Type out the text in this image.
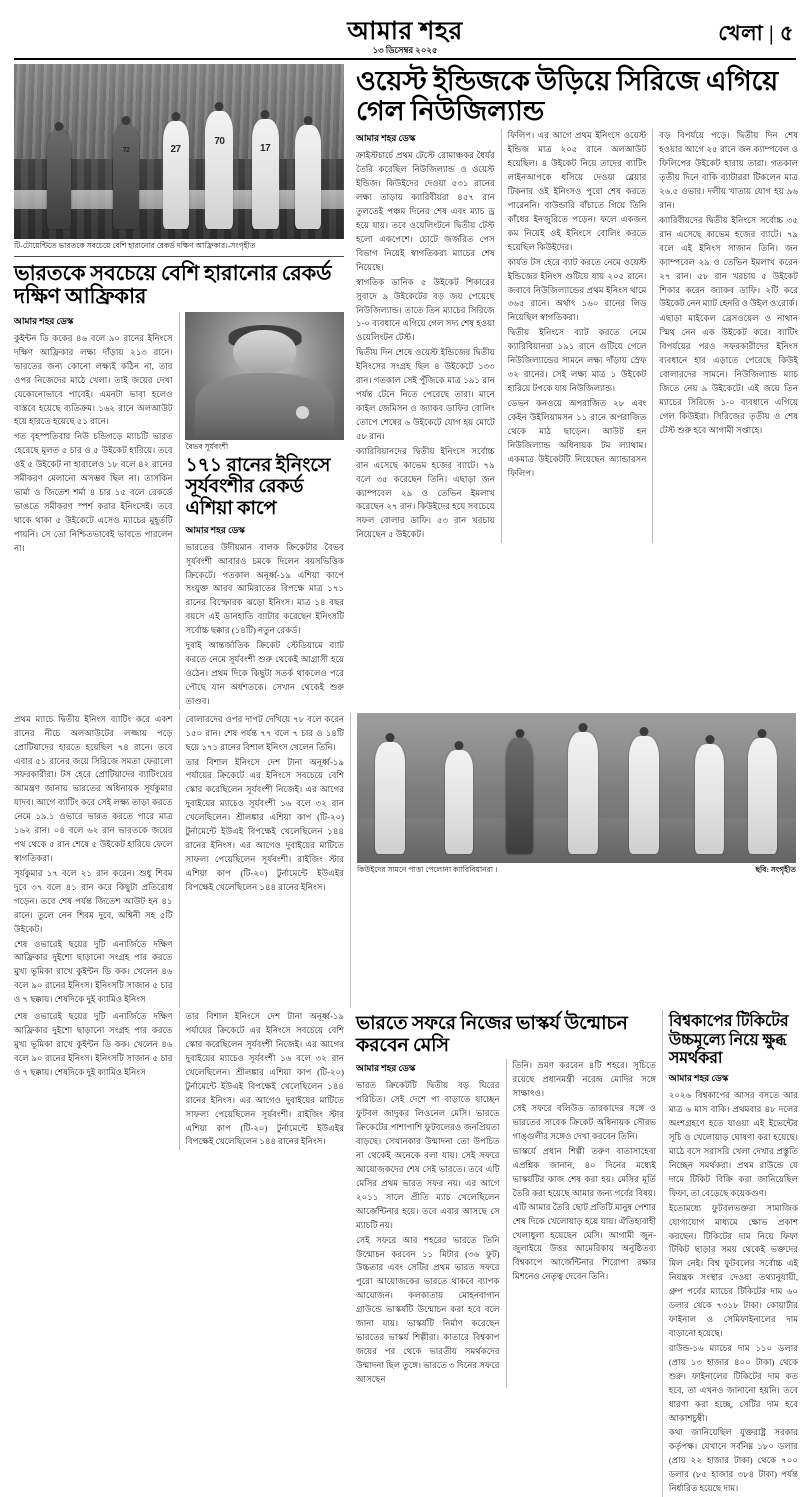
আমার শহর
১৩ ডিসেম্বর ২০২৫
খেলা | ৫
72	27
70
17
টি-টোয়েন্টিতে ভারতকে সবচেয়ে বেশি হারানোর রেকর্ড দক্ষিণ আফ্রিকার।-সংগৃহীত
ভারতকে সবচেয়ে বেশি হারানোর রেকর্ড দক্ষিণ আফ্রিকার
আমার শহর ডেস্ক

কুইন্টন ডি ককের ৪৬ বলে ৯০ রানের ইনিংসে দক্ষিণ আফ্রিকার লক্ষ্য দাঁড়ায় ২১৩ রানে। ভারতের জন্য কোনো লক্ষ্যই কঠিন না, তার ওপর নিজেদের মাঠে খেলা। তাই জয়ের দেখা যেকোনোভাবে পাবেই। এমনটা ভাবা হলেও বাস্তবে হয়েছে ব্যতিক্রম। ১৬২ রানে অলআউট হয়ে হারতে হয়েছে ৫১ রানে।

গত বৃহস্পতিবার নিউ চন্ডিগড়ে ম্যাচটি ভারত হেরেছে মূলত ৫ চার ও ৫ উইকেট হারিয়ে। তবে ওই ৫ উইকেট না হারালেও ১৮ বলে ৪২ রানের সমীকরণ মেলানো অসম্ভব ছিল না। তাসকিন ভার্মা ও জিতেশ শর্মা ৪ চার ১৫ বলে রেকর্ডে ভাঙতে সমীকরণ স্পর্শ করার ইনিংসেই। তবে থাকে থাকা ৫ উইকেটে এসেও ম্যাচের মুহূর্তটি পায়নি। সে তো নিশ্চিতভাবেই ভাবতে পারলেন না।

বৈভব সূর্যবংশী
১৭১ রানের ইনিংসে সূর্যবংশীর রেকর্ড এশিয়া কাপে
আমার শহর ডেস্ক

ভারতের উদীয়মান বালক ক্রিকেটার বৈভব সূর্যবংশী আবারও চমকে দিলেন বয়সভিত্তিক ক্রিকেটে। গতকাল অনূর্ধ্ব-১৯ এশিয়া কাপে সংযুক্ত আরব আমিরাতের বিপক্ষে মাত্র ১৭১ রানের বিস্ফোরক ঝড়ো ইনিংস। মাত্র ১৪ বছর বয়সে এই ডানহাতি ব্যাটার করেছেন ইনিংসটি সর্বোচ্চ ছক্কার (১৪টি) নতুন রেকর্ড।

দুবাই আন্তর্জাতিক ক্রিকেট স্টেডিয়ামে ব্যাট করতে নেমে সূর্যবংশী শুরু থেকেই আগ্রাসী হয়ে ওঠেন। প্রথম দিকে কিছুটা সতর্ক থাকলেও পরে পৌছে যান অর্ধশতকে। সেখান থেকেই শুরু তাণ্ডব।

ওয়েস্ট ইন্ডিজকে উড়িয়ে সিরিজে এগিয়ে গেল নিউজিল্যান্ড
আমার শহর ডেস্ক

ক্রাইস্টচার্চে প্রথম টেস্টে রোমাঞ্চকর ধৈর্যর তৈরি করেছিল নিউজিল্যান্ড ও ওয়েস্ট ইন্ডিজ। কিউইদের দেওয়া ৫৩১ রানের লক্ষ্য তাড়ায় ক্যারিবীয়রা ৪৫৭ রান তুলতেই পঞ্চম দিনের শেষ এবং ম্যাচ ড্র হয়ে যায়। তবে ওয়েলিংটনে দ্বিতীয় টেস্ট হলো একপেশে। চোটে জর্জরিত পেস বিভাগ নিয়েই স্বাগতিকরা ম্যাচের শেষ নিয়েছে।

স্বাগতিক ডানিক ৫ উইকেট শিকারের সুবাদে ৯ উইকেটের বড় জয় পেয়েছে নিউজিল্যান্ড। তাতে তিন ম্যাচের সিরিজে ১-০ ব্যবধানে এগিয়ে গেল সদ্য শেষ হওয়া ওয়েলিংটন টেস্ট।

দ্বিতীয় দিন শেষে ওয়েস্ট ইন্ডিজের দ্বিতীয় ইনিংসের সংগ্রহ ছিল ৪ উইকেটে ১৩৩ রান। গতকাল সেই পুঁজিকে মাত্র ১৯১ রান পর্যন্ত টেনে নিতে পেরেছে তারা। মানে কাইল জেমিসন ও জ্যাকব ডাফির বোলিং তোপে শেষের ৬ উইকেটে যোগ হয় মোটে ৫৮ রান।

ক্যারিবিয়ানদের দ্বিতীয় ইনিংসে সর্বোচ্চ রান এসেছে কাভেম হজের ব্যাটে। ৭৯ বলে ৩৫ করেছেন তিনি। এছাড়া জন ক্যাম্পবেল ২৯ ও তেভিন ইমলাখ করেছেন ২৭ রান। কিউইদের হয়ে সবচেয়ে সফল বোলার ডাফি। ৫৩ রান খরচায় নিয়েছেন ৫ উইকেট।

ফিলিপ। এর আগে প্রথম ইনিংসে ওয়েস্ট ইন্ডিজ মাত্র ২০৫ রানে অলআউট হয়েছিল। ৪ উইকেট নিয়ে তাদের ব্যাটিং লাইনআপকে ধসিয়ে দেওয়া ব্লেয়ার টিকনার ওই ইনিংসও পুরো শেষ করতে পারেননি। বাউন্ডারি বাঁচাতে গিয়ে তিনি কাঁধের ইনজুরিতে পড়েন। ফলে একজন কম নিয়েই ওই ইনিংসে বোলিং করতে হয়েছিল কিউইদের।

কার্যত টস হেরে ব্যাট করতে নেমে ওয়েস্ট ইন্ডিজের ইনিংস গুটিয়ে যায় ২০৫ রানে। জবাবে নিউজিল্যান্ডের প্রথম ইনিংস থামে ৩৬৫ রানে। অর্থাৎ ১৬০ রানের লিড নিয়েছিল স্বাগতিকরা।

দ্বিতীয় ইনিংসে ব্যাট করতে নেমে ক্যারিবিয়ানরা ১৯১ রানে গুটিয়ে গেলে নিউজিল্যান্ডের সামনে লক্ষ্য দাঁড়ায় স্রেফ ৩২ রানের। সেই লক্ষ্য মাত্র ১ উইকেট হারিয়ে টপকে যায় নিউজিল্যান্ড।

ডেভন কনওয়ে অপরাজিত ২৮ এবং কেইন উইলিয়ামসন ১১ রানে অপরাজিত থেকে মাঠ ছাড়েন। আউট হন নিউজিল্যান্ড অধিনায়ক টম ল্যাথাম। একমাত্র উইকেটটি নিয়েছেন অ্যান্ডারসন ফিলিপ।

বড় বিপর্যয়ে পড়ে। দ্বিতীয় দিন শেষ হওয়ার আগে ২৫ রানে জন ক্যাম্পবেল ও ফিলিপের উইকেট হারায় তারা। গতকাল তৃতীয় দিনে বাকি ব্যাটাররা টিকলেন মাত্র ২৬.৫ ওভার। দলীয় খাতায় যোগ হয় ৯৬ রান।

ক্যারিবীয়দের দ্বিতীয় ইনিংসে সর্বোচ্চ ৩৫ রান এসেছে কাভেম হজের ব্যাটে। ৭৯ বলে এই ইনিংস সাজান তিনি। জন ক্যাম্পবেল ২৯ ও তেভিন ইমলাখ করেন ২৭ রান। ৫৮ রান খরচায় ৫ উইকেট শিকার করেন জ্যাকব ডাফি। ২টি করে উইকেট নেন ম্যাট হেনরি ও উইল ও'রোর্ক।

এছাড়া মাইকেল ব্রেসওয়েল ও নাথান স্মিথ নেন এক উইকেট করে। ব্যাটিং বিপর্যয়ের পরও সফরকারীদের ইনিংস ব্যবধানে হার এড়াতে পেরেছে কিউই বোলারদের সামনে। নিউজিল্যান্ড ম্যাচ জিতে নেয় ৯ উইকেটে। এই জয়ে তিন ম্যাচের সিরিজে ১-০ ব্যবধানে এগিয়ে গেল কিউইরা। সিরিজের তৃতীয় ও শেষ টেস্ট শুরু হবে আগামী সপ্তাহে।

প্রথম ম্যাচে দ্বিতীয় ইনিংস ব্যাটিং করে একশ রানের নীচে অলআউটের লজ্জায় পড়ে প্রোটিয়াদের হারতে হয়েছিল ৭৪ রানে। তবে এবার ৫১ রানের জয়ে সিরিজে সমতা ফেরালো সফরকারীরা। টস হেরে প্রোটিয়াদের ব্যাটিংয়ের আমন্ত্রণ জানায় ভারতের অধিনায়ক সূর্যকুমার যাদব। আগে ব্যাটিং করে সেই লক্ষ্য তাড়া করতে নেমে ১৯.১ ওভারে ভারত করতে পারে মাত্র ১৬২ রান। ০৪ বলে ৬২ রান ভারতকে জয়ের পথ থেকে ৫ রান শেষে ৫ উইকেট হারিয়ে ফেলে স্বাগতিকরা।

সূর্যকুমার ১৭ বলে ২১ রান করেন। শুধু শিবম দুবে ৩৭ বলে ৪১ রান করে কিছুটা প্রতিরোধ গড়েন। তবে শেষ পর্যন্ত জিতেশ আউট হন ৪১ রানে। তুলে নেন শিবম দুবে, অশ্বিনী সহ ৫টি উইকেট।

শেষ ওভারেই ছয়ের দুটি এনার্জিতে দক্ষিণ আফ্রিকার দুইশো ছাড়ানো সংগ্রহ পার করতে মুখ্য ভূমিকা রাখে কুইন্টন ডি কক। খেলেন ৪৬ বলে ৯০ রানের ইনিংস। ইনিংসটি সাজান ৫ চার ও ৭ ছক্কায়। শেষদিকে দুই ক্যামিও ইনিংস

বোলারদের ওপর দাপট দেখিয়ে ৭৮ বলে করেন ১৫০ রান। শেষ পর্যন্ত ৭৭ বলে ৭ চার ও ১৪টি ছয়ে ১৭১ রানের বিশাল ইনিংস খেলেন তিনি।

তার বিশাল ইনিংসে দেশ টানা অনূর্ধ্ব-১৯ পর্যায়ের ক্রিকেটে এর ইনিংসে সবচেয়ে বেশি স্কোর করেছিলেন সূর্যবংশী নিজেই। এর আগের দুবাইয়ের ম্যাচেও সূর্যবংশী ১৬ বলে ৩২ রান খেলেছিলেন। শ্রীলঙ্কার এশিয়া কাপ (টি-২০) টুর্নামেন্টে ইউএই বিপক্ষেই খেলেছিলেন ১৪৪ রানের ইনিংস। এর আগেও দুবাইয়ের মাটিতে সাফল্য পেয়েছিলেন সূর্যবংশী। রাইজিং স্টার এশিয়া কাপ (টি-২০) টুর্নামেন্টে ইউএইর বিপক্ষেই খেলেছিলেন ১৪৪ রানের ইনিংস।

কিউইদের সামনে পাত্তা পেলোনা ক্যারিবিয়ানরা ।	ছবি: সংগৃহীত

শেষ ওভারেই ছয়ের দুটি এনার্জিতে দক্ষিণ আফ্রিকার দুইশো ছাড়ানো সংগ্রহ পার করতে মুখ্য ভূমিকা রাখে কুইন্টন ডি কক। খেলেন ৪৬ বলে ৯০ রানের ইনিংস। ইনিংসটি সাজান ৫ চার ও ৭ ছক্কায়। শেষদিকে দুই ক্যামিও ইনিংস

তার বিশাল ইনিংসে দেশ টানা অনূর্ধ্ব-১৯ পর্যায়ের ক্রিকেটে এর ইনিংসে সবচেয়ে বেশি স্কোর করেছিলেন সূর্যবংশী নিজেই। এর আগের দুবাইয়ের ম্যাচেও সূর্যবংশী ১৬ বলে ৩২ রান খেলেছিলেন। শ্রীলঙ্কার এশিয়া কাপ (টি-২০) টুর্নামেন্টে ইউএই বিপক্ষেই খেলেছিলেন ১৪৪ রানের ইনিংস। এর আগেও দুবাইয়ের মাটিতে সাফল্য পেয়েছিলেন সূর্যবংশী। রাইজিং স্টার এশিয়া কাপ (টি-২০) টুর্নামেন্টে ইউএইর বিপক্ষেই খেলেছিলেন ১৪৪ রানের ইনিংস।

ভারতে সফরে নিজের ভাস্কর্য উন্মোচন করবেন মেসি
আমার শহর ডেস্ক

ভারত ক্রিকেটটি দ্বিতীয় বড় ঘিরের পরিচিত। সেই দেশে পা বাড়াতে যাচ্ছেন ফুটবল জাদুকর লিওনেল মেসি। ভারতে ক্রিকেটের পাশাপাশি ফুটবলেরও জনপ্রিয়তা বাড়ছে। সেখানকার উন্মাদনা তো উপচিত না থেকেই অনেকে বলা যায়। সেই সফরে আয়োজকদের শেষ সেই ভারতে। তবে এটি মেসির প্রথম ভারত সফর নয়। এর আগে ২০১১ সালে প্রীতি ম্যাচ খেলেছিলেন আর্জেন্টিনার হয়ে। তবে এবার আসছে সে ম্যাচটি নয়।

সেই সফরে আর শহরের ভারতে তিনি উন্মোচন করবেন ১১ মিটার (৩৬ ফুট) উচ্চতার এবং সেটির প্রথম ভারত সফরে পুরো আয়োজকের ভারতে থাকবে ব্যাপক আয়োজন। কলকাতায় মোহনবাগান গ্রাউন্ডে ভাস্কর্যটি উন্মোচন করা হবে বলে জানা যায়। ভাস্কর্যটি নির্মাণ করেছেন ভারতের ভাস্কর্য শিল্পীরা। কাতারে বিশ্বকাপ জয়ের পর থেকে ভারতীয় সমর্থকদের উন্মাদনা ছিল তুঙ্গে। ভারতে ৩ দিনের সফরে আসছেন

তিনি। ভ্রমণ করবেন ৪টি শহরে। সূচিতে রয়েছে প্রধানমন্ত্রী নরেন্দ্র মোদির সঙ্গে সাক্ষাৎও।

সেই সফরে বলিউড তারকাদের সঙ্গে ও ভারতের সাবেক ক্রিকেট অধিনায়ক সৌরভ গাঙ্গুলীর সঙ্গেও দেখা করবেন তিনি।

ভাস্কর্যে প্রধান শিল্পী তরুণ বাতাসাহেবা এপ্রশ্নিক জানান, ৪০ দিনের মধ্যেই ভাস্কর্যটির কাজ শেষ করা হয়। মেসির মূর্তি তৈরি করা হয়েছে আমার জন্য গর্বের বিষয়। এটি আমার তৈরি ছোট প্রতিটি মানুষ পেশার শেষ দিকে খেলোয়াড় হয়ে যায়। ঐতিহ্যবাহী খেলাধুলা হয়েছেন মেসি। আগামী জুন-জুলাইয়ে উত্তর আমেরিকায় অনুষ্ঠিতব্য বিশ্বকাপে আর্জেন্টিনার শিরোপা রক্ষার মিশনেও নেতৃত্ব দেবেন তিনি।

বিশ্বকাপের টিকিটের উচ্চমূল্যে নিয়ে ক্ষুব্ধ সমর্থকরা
আমার শহর ডেস্ক

২০২৬ বিশ্বকাপের আসর বসতে আর মাত্র ৬ মাস বাকি। প্রথমবার ৪৮ দলের অংশগ্রহণে হতে যাওয়া এই ইভেন্টের সূচি ও খেলোয়াড় ঘোষণা করা হয়েছে। মাঠে বসে সরাসরি খেলা দেখার প্রস্তুতি নিচ্ছেন সমর্থকরা। প্রথম রাউন্ডে যে দামে টিকিট বিক্রি করা জানিয়েছিল ফিফা, তা বেড়েছে কয়েকগুণ।

ইতোমধ্যে ফুটবলভক্তরা সামাজিক যোগাযোগ মাধ্যমে ক্ষোভ প্রকাশ করছেন। টিকিটের দাম নিয়ে ফিফা টিকিট ছাড়ার সময় থেকেই ভক্তদের মিল নেই। বিশ্ব ফুটবলের সর্বোচ্চ এই নিয়ন্ত্রক সংস্থার দেওয়া তথ্যানুযায়ী, গ্রুপ পর্বের ম্যাচের টিকিটের দাম ৬০ ডলার থেকে ৭৩১৮ টাকা। কোয়ার্টার ফাইনাল ও সেমিফাইনালের দাম বাড়ানো হয়েছে।

রাউন্ড-১৬ ম্যাচের দাম ১১০ ডলার (প্রায় ১৩ হাজার ৪০০ টাকা) থেকে শুরু। ফাইনালের টিকিটের দাম কত হবে, তা এখনও জানানো হয়নি। তবে ধারণা করা হচ্ছে, সেটির দাম হবে আকাশচুম্বী।

কথা জানিয়েছিল যুক্তরাষ্ট্র সরকার কর্তৃপক্ষ। যেখানে সর্বনিম্ন ১৮০ ডলার (প্রায় ২২ হাজার টাকা) থেকে ৭০০ ডলার (৮৫ হাজার ৩৮৪ টাকা) পর্যন্ত নির্ধারিত হয়েছে দাম।
